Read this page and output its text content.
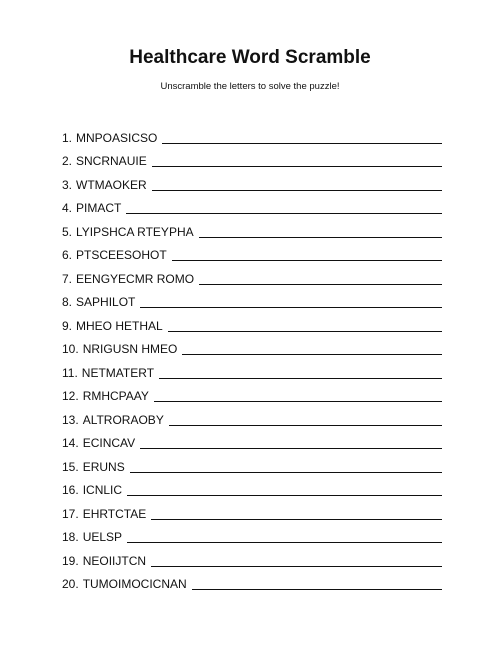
Healthcare Word Scramble
Unscramble the letters to solve the puzzle!
1. MNPOASICSO
2. SNCRNAUIE
3. WTMAOKER
4. PIMACT
5. LYIPSHCA RTEYPHA
6. PTSCEESOHOT
7. EENGYECMR ROMO
8. SAPHILOT
9. MHEO HETHAL
10. NRIGUSN HMEO
11. NETMATERT
12. RMHCPAAY
13. ALTRORAOBY
14. ECINCAV
15. ERUNS
16. ICNLIC
17. EHRTCTAE
18. UELSP
19. NEOIIJTCN
20. TUMOIMOCICNAN
